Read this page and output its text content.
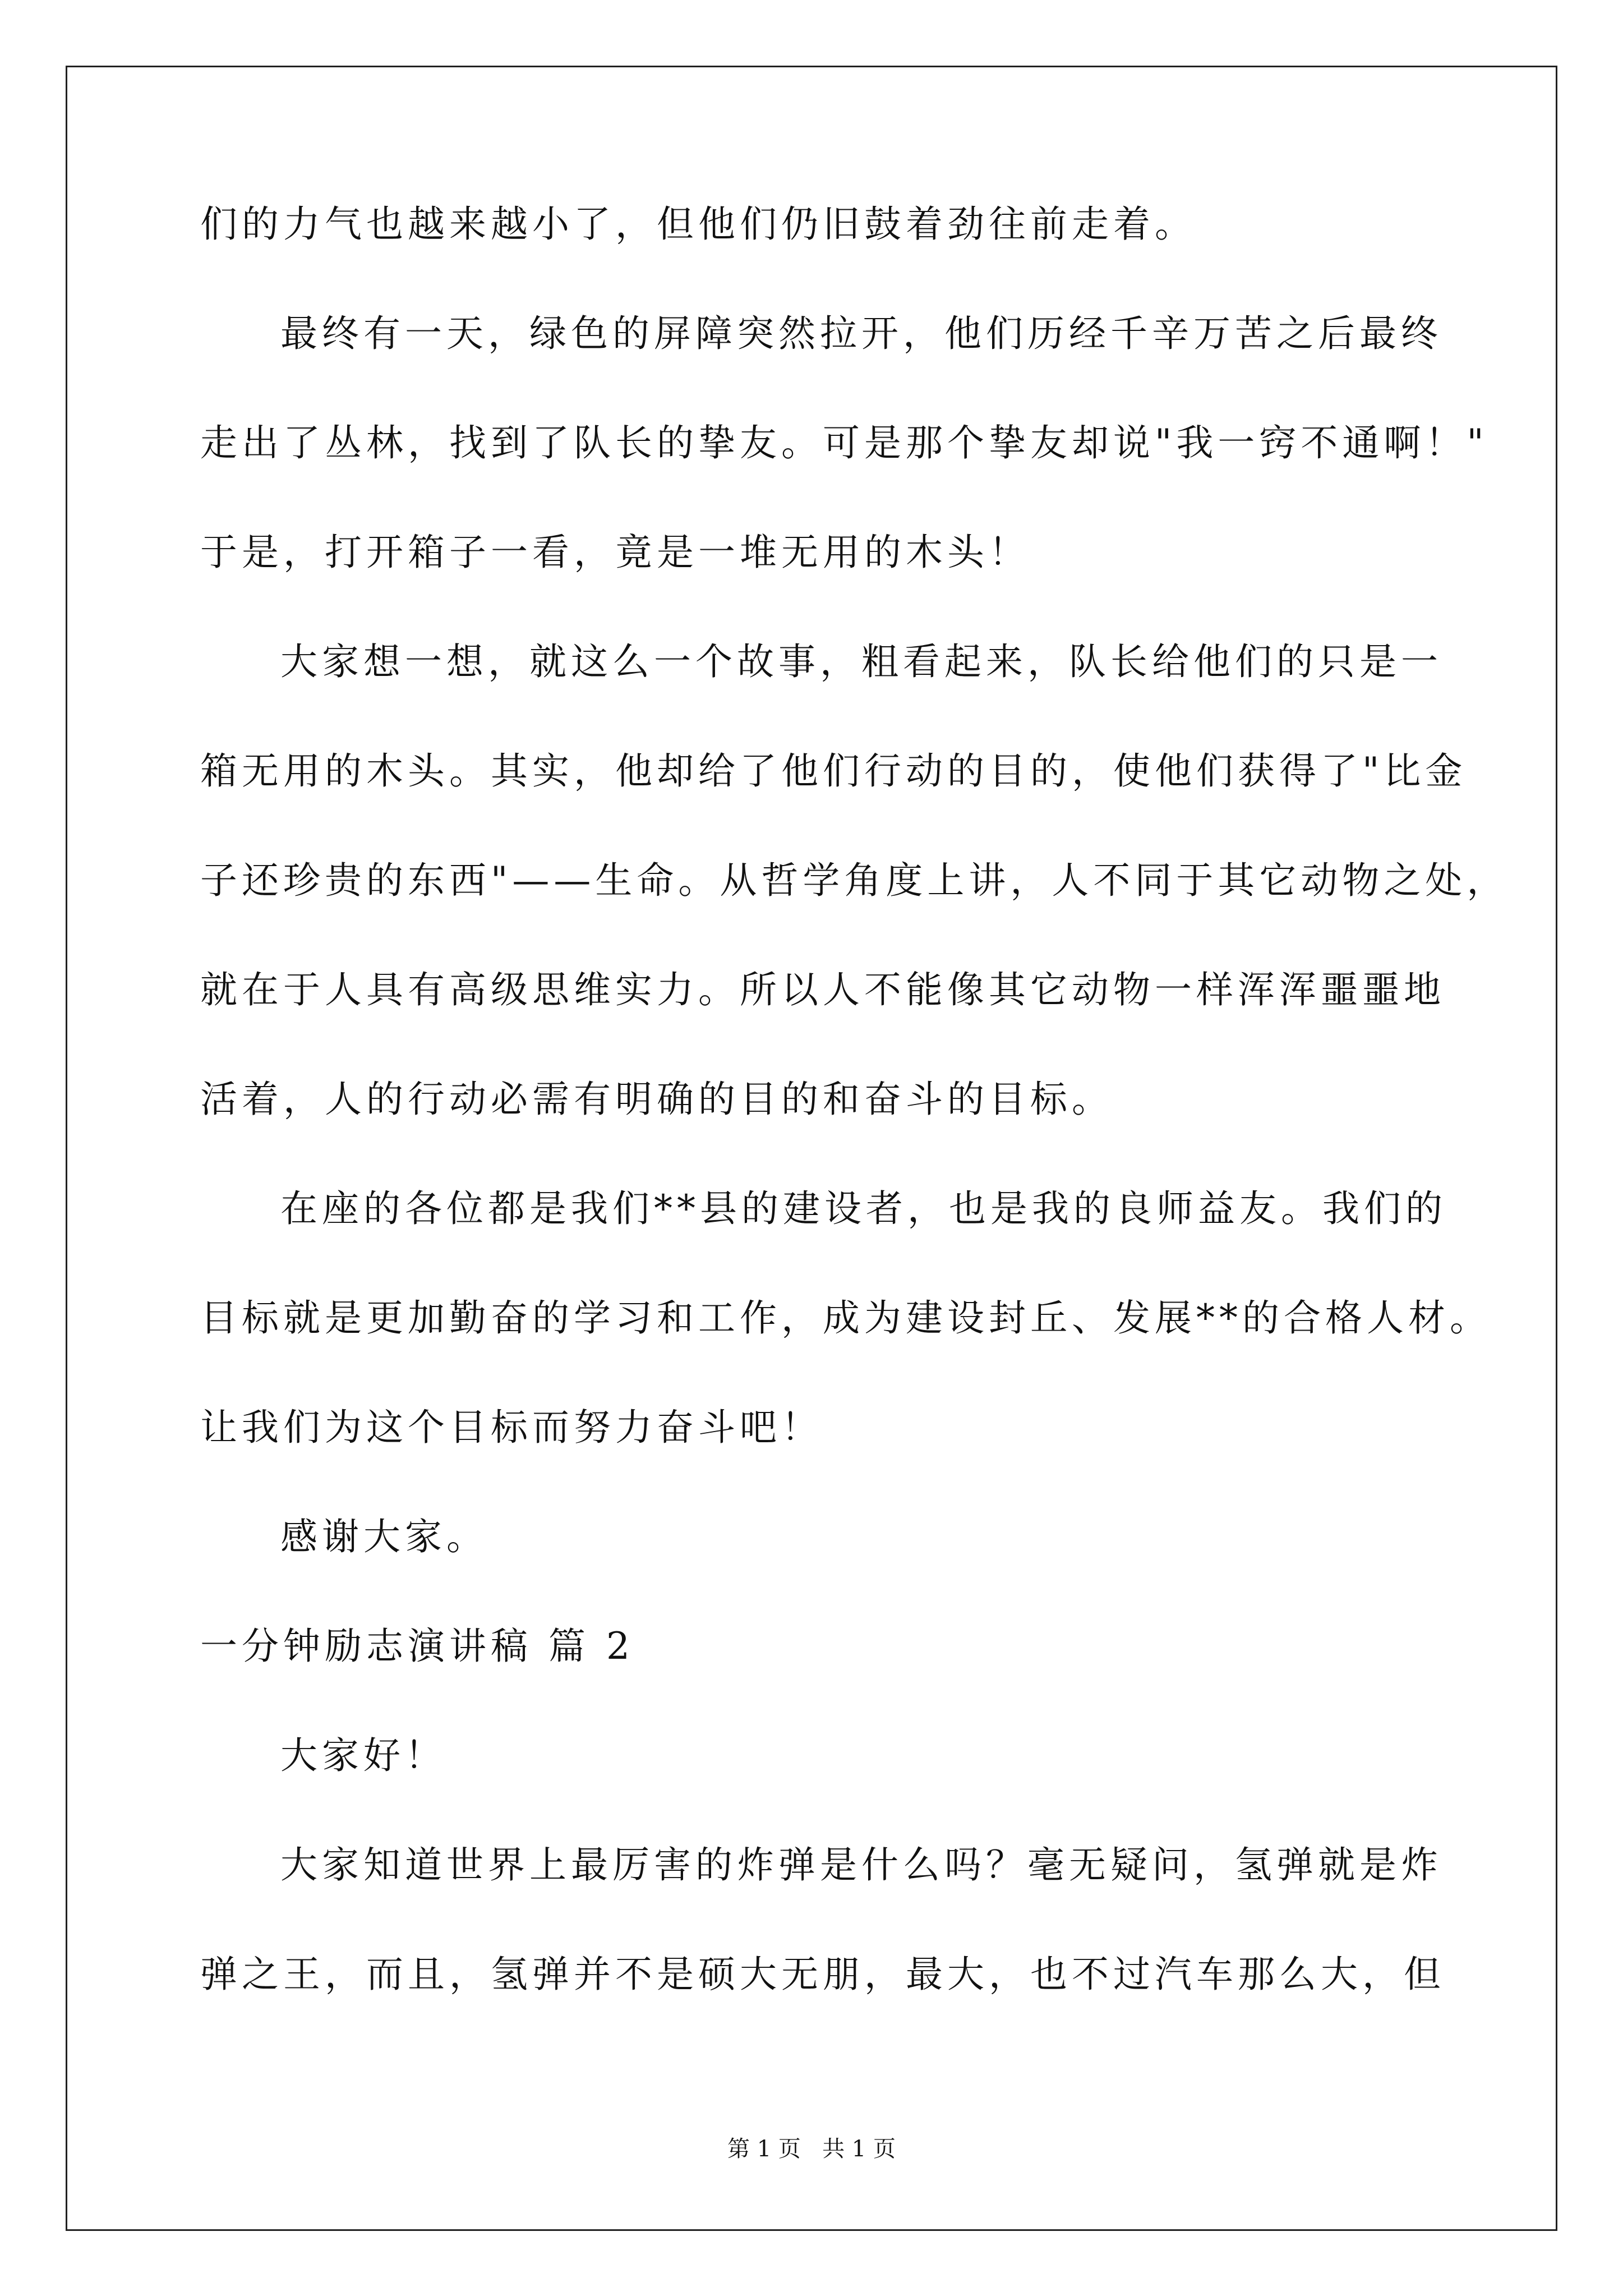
们的力气也越来越小了，但他们仍旧鼓着劲往前走着。
最终有一天，绿色的屏障突然拉开，他们历经千辛万苦之后最终
走出了丛林，找到了队长的挚友。可是那个挚友却说"我一窍不通啊！"
于是，打开箱子一看，竟是一堆无用的木头！
大家想一想，就这么一个故事，粗看起来，队长给他们的只是一
箱无用的木头。其实，他却给了他们行动的目的，使他们获得了"比金
子还珍贵的东西"——生命。从哲学角度上讲，人不同于其它动物之处，
就在于人具有高级思维实力。所以人不能像其它动物一样浑浑噩噩地
活着，人的行动必需有明确的目的和奋斗的目标。
在座的各位都是我们**县的建设者，也是我的良师益友。我们的
目标就是更加勤奋的学习和工作，成为建设封丘、发展**的合格人材。
让我们为这个目标而努力奋斗吧！
感谢大家。
一分钟励志演讲稿 篇 2
大家好！
大家知道世界上最厉害的炸弹是什么吗？毫无疑问，氢弹就是炸
弹之王，而且，氢弹并不是硕大无朋，最大，也不过汽车那么大，但
第 1 页   共 1 页
